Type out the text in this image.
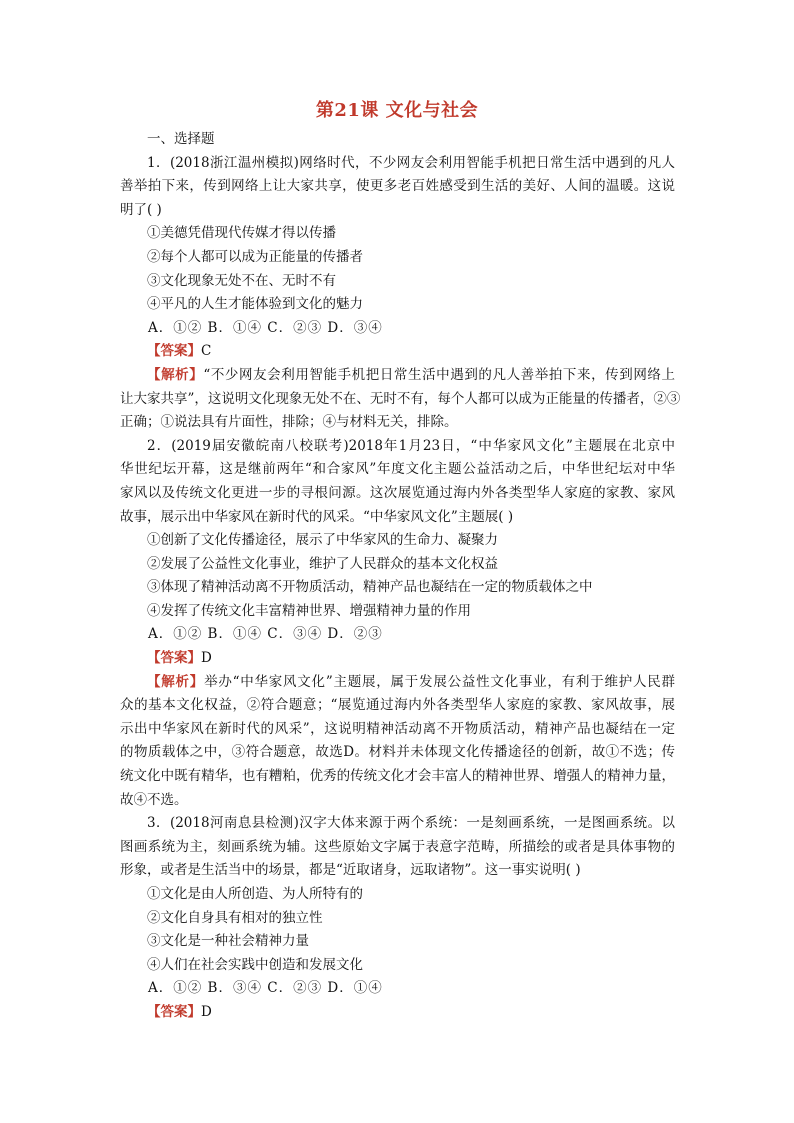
第21课 文化与社会
一、选择题
1．(2018浙江温州模拟)网络时代，不少网友会利用智能手机把日常生活中遇到的凡人
善举拍下来，传到网络上让大家共享，使更多老百姓感受到生活的美好、人间的温暖。这说
明了( )
①美德凭借现代传媒才得以传播
②每个人都可以成为正能量的传播者
③文化现象无处不在、无时不有
④平凡的人生才能体验到文化的魅力
A．①② B．①④ C．②③ D．③④
【答案】C
【解析】“不少网友会利用智能手机把日常生活中遇到的凡人善举拍下来，传到网络上
让大家共享”，这说明文化现象无处不在、无时不有，每个人都可以成为正能量的传播者，②③
正确；①说法具有片面性，排除；④与材料无关，排除。
2．(2019届安徽皖南八校联考)2018年1月23日，“中华家风文化”主题展在北京中
华世纪坛开幕，这是继前两年“和合家风”年度文化主题公益活动之后，中华世纪坛对中华
家风以及传统文化更进一步的寻根问源。这次展览通过海内外各类型华人家庭的家教、家风
故事，展示出中华家风在新时代的风采。“中华家风文化”主题展( )
①创新了文化传播途径，展示了中华家风的生命力、凝聚力
②发展了公益性文化事业，维护了人民群众的基本文化权益
③体现了精神活动离不开物质活动，精神产品也凝结在一定的物质载体之中
④发挥了传统文化丰富精神世界、增强精神力量的作用
A．①② B．①④ C．③④ D．②③
【答案】D
【解析】举办“中华家风文化”主题展，属于发展公益性文化事业，有利于维护人民群
众的基本文化权益，②符合题意；“展览通过海内外各类型华人家庭的家教、家风故事，展
示出中华家风在新时代的风采”，这说明精神活动离不开物质活动，精神产品也凝结在一定
的物质载体之中，③符合题意，故选D。材料并未体现文化传播途径的创新，故①不选；传
统文化中既有精华，也有糟粕，优秀的传统文化才会丰富人的精神世界、增强人的精神力量，
故④不选。
3．(2018河南息县检测)汉字大体来源于两个系统：一是刻画系统，一是图画系统。以
图画系统为主，刻画系统为辅。这些原始文字属于表意字范畴，所描绘的或者是具体事物的
形象，或者是生活当中的场景，都是“近取诸身，远取诸物”。这一事实说明( )
①文化是由人所创造、为人所特有的
②文化自身具有相对的独立性
③文化是一种社会精神力量
④人们在社会实践中创造和发展文化
A．①② B．③④ C．②③ D．①④
【答案】D
